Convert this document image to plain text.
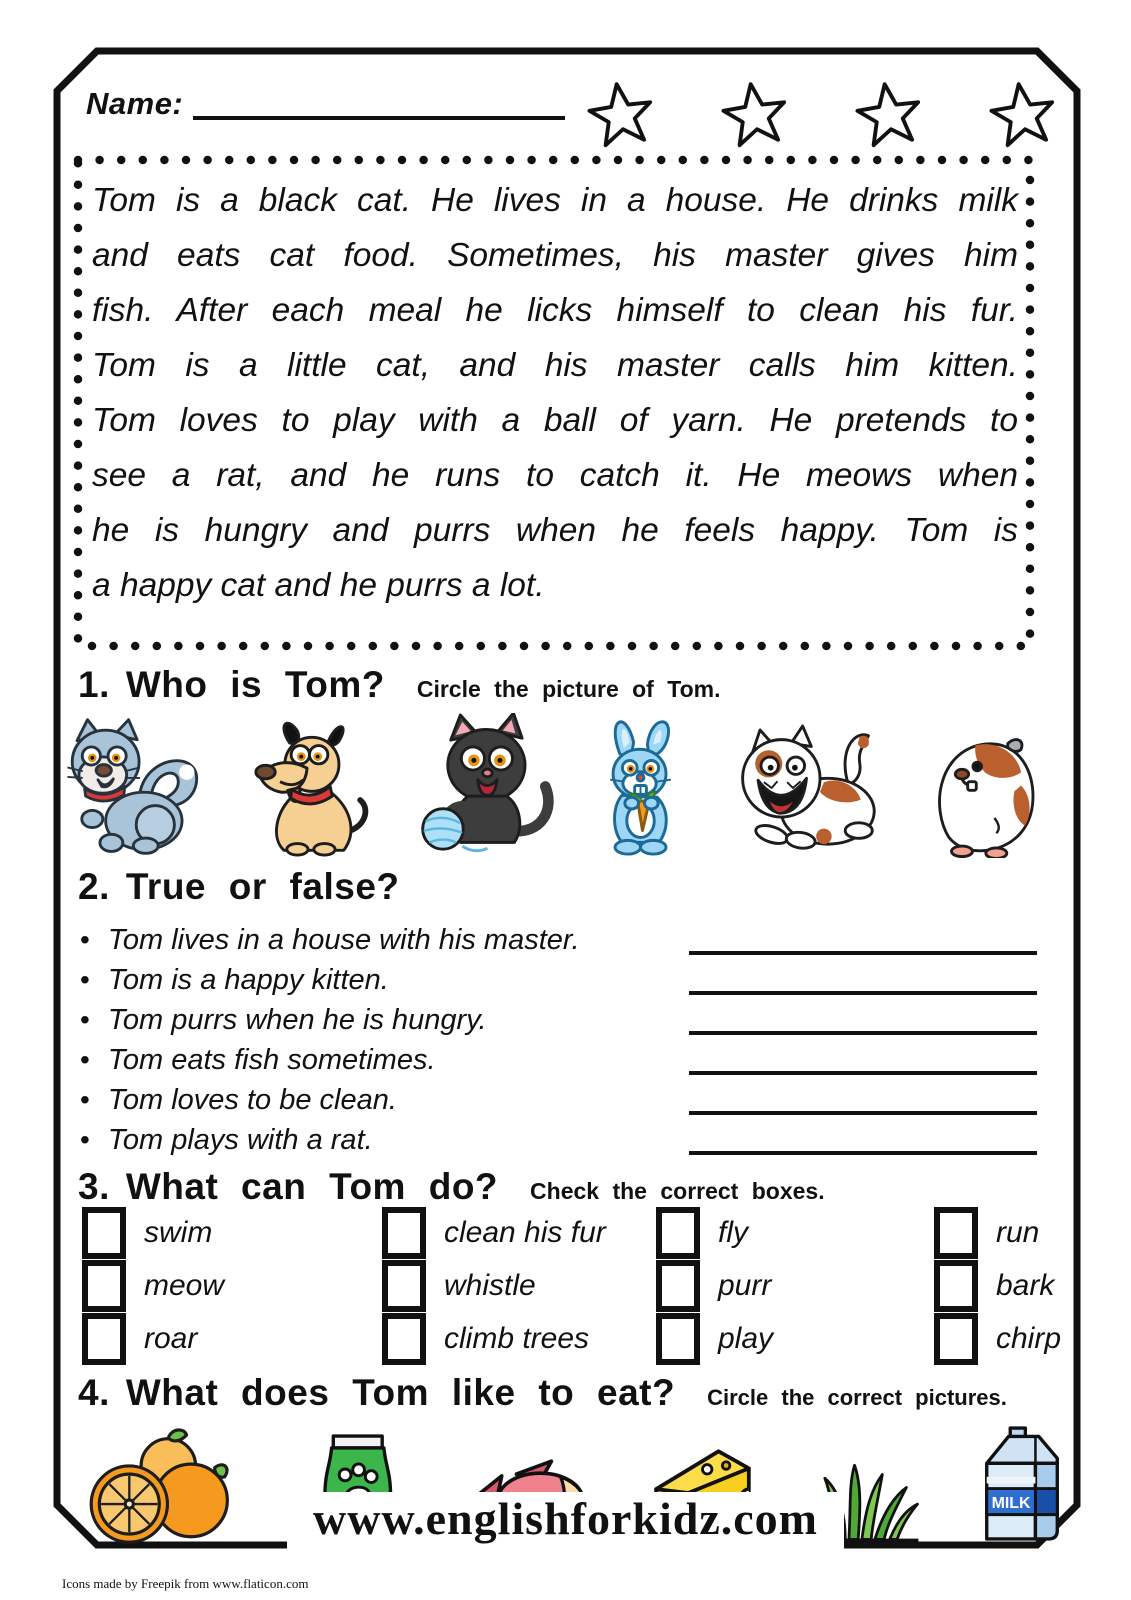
Name:
Tom is a black cat. He lives in a house. He drinks milk
and eats cat food. Sometimes, his master gives him
fish. After each meal he licks himself to clean his fur.
Tom is a little cat, and his master calls him kitten.
Tom loves to play with a ball of yarn. He pretends to
see a rat, and he runs to catch it. He meows when
he is hungry and purrs when he feels happy. Tom is
a happy cat and he purrs a lot.
1. Who is Tom? Circle the picture of Tom.
2. True or false?
• Tom lives in a house with his master.
• Tom is a happy kitten.
• Tom purrs when he is hungry.
• Tom eats fish sometimes.
• Tom loves to be clean.
• Tom plays with a rat.
3. What can Tom do? Check the correct boxes.
swim	clean his fur	fly	run
meow	whistle	purr	bark
roar	climb trees	play	chirp
4. What does Tom like to eat? Circle the correct pictures.
MILK
www.englishforkidz.com
Icons made by Freepik from www.flaticon.com
